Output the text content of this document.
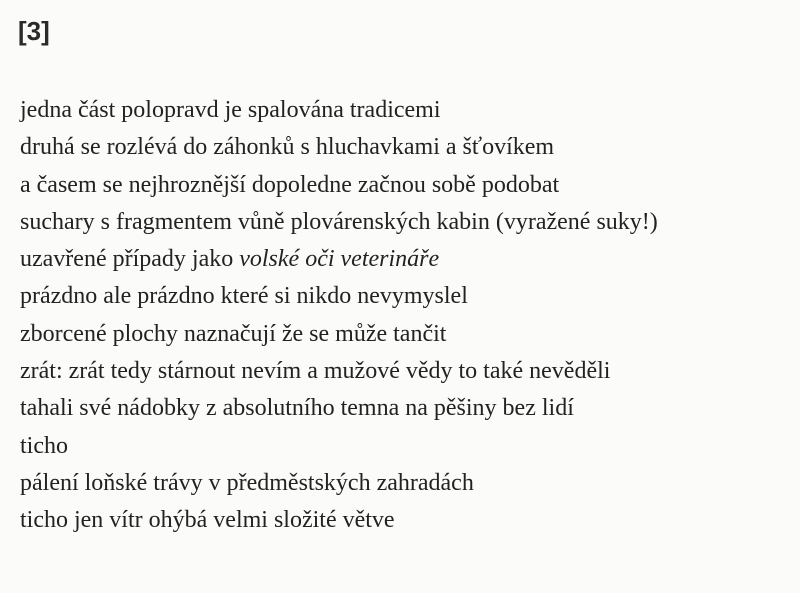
[3]
jedna část polopravd je spalována tradicemi
druhá se rozlévá do záhonků s hluchavkami a šťovíkem
a časem se nejhroznější dopoledne začnou sobě podobat
suchary s fragmentem vůně plovárenských kabin (vyražené suky!)
uzavřené případy jako volské oči veterináře
prázdno ale prázdno které si nikdo nevymyslel
zborcené plochy naznačují že se může tančit
zrát: zrát tedy stárnout nevím a mužové vědy to také nevěděli
tahali své nádobky z absolutního temna na pěšiny bez lidí
ticho
pálení loňské trávy v předměstských zahradách
ticho jen vítr ohýbá velmi složité větve
